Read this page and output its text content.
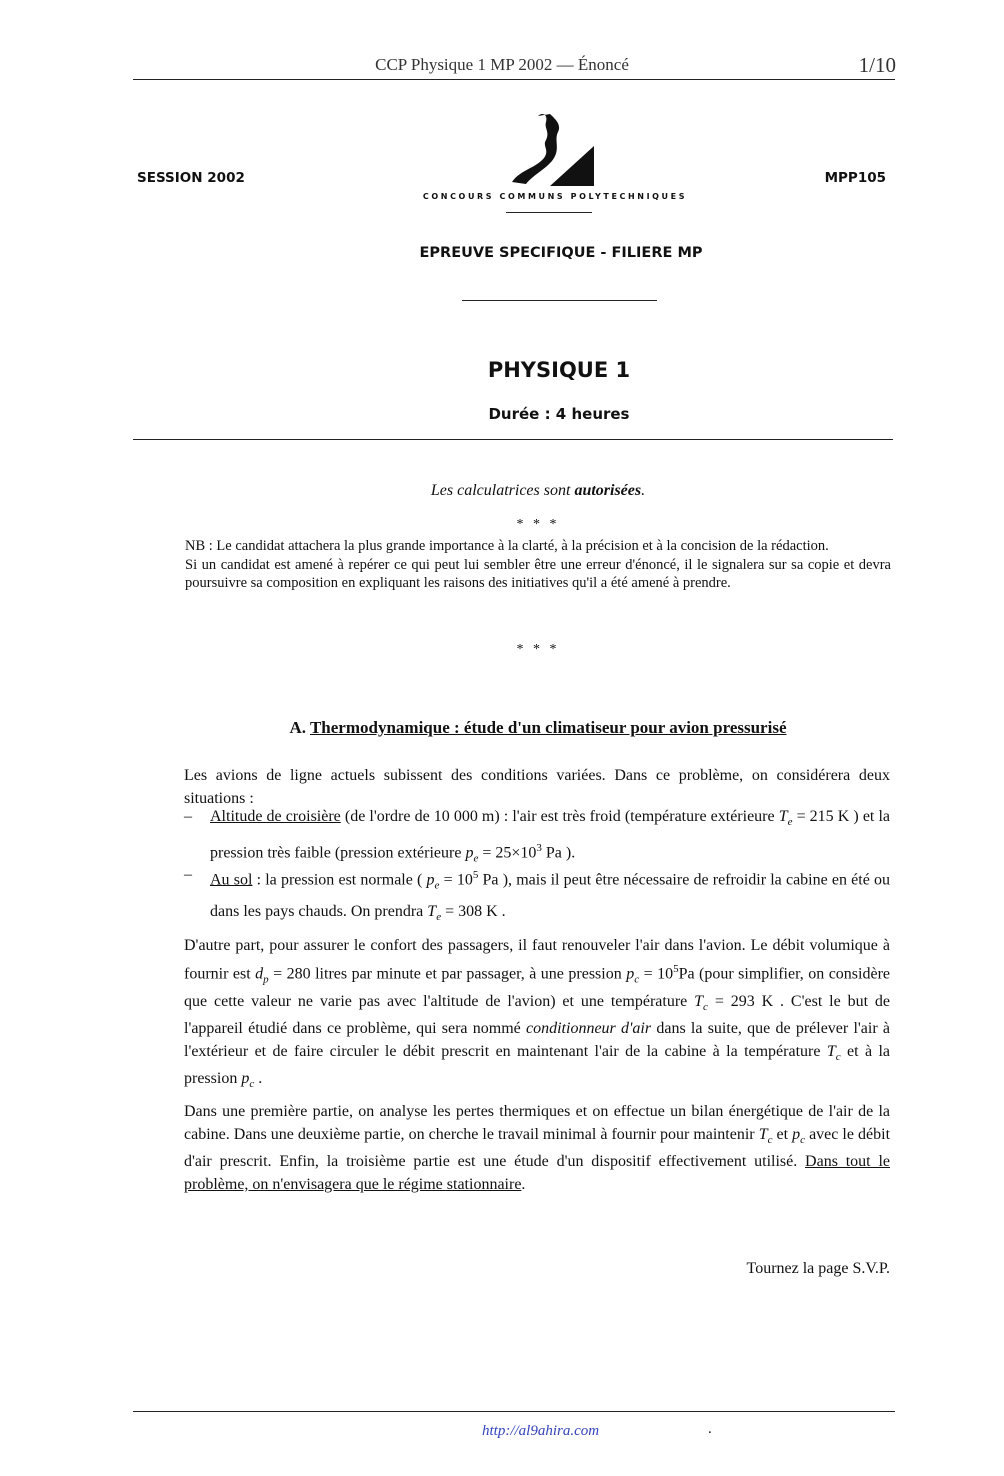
CCP Physique 1 MP 2002 — Énoncé	1/10
SESSION 2002	MPP105
CONCOURS COMMUNS POLYTECHNIQUES
EPREUVE SPECIFIQUE - FILIERE MP
PHYSIQUE 1
Durée : 4 heures
Les calculatrices sont autorisées.
* * *

NB : Le candidat attachera la plus grande importance à la clarté, à la précision et à la concision de la rédaction.

Si un candidat est amené à repérer ce qui peut lui sembler être une erreur d'énoncé, il le signalera sur sa copie et devra poursuivre sa composition en expliquant les raisons des initiatives qu'il a été amené à prendre.

* * *
A. Thermodynamique : étude d'un climatiseur pour avion pressurisé

Les avions de ligne actuels subissent des conditions variées. Dans ce problème, on considérera deux situations :

– Altitude de croisière (de l'ordre de 10 000 m) : l'air est très froid (température extérieure $T_e = 215$ K ) et la pression très faible (pression extérieure $p_e = 25\times 10^3$ Pa ).
– Au sol : la pression est normale ( $p_e = 10^5$ Pa ), mais il peut être nécessaire de refroidir la cabine en été ou dans les pays chauds. On prendra $T_e = 308$ K .

D'autre part, pour assurer le confort des passagers, il faut renouveler l'air dans l'avion. Le débit volumique à fournir est $d_p = 280$ litres par minute et par passager, à une pression $p_c = 10^5Pa$ (pour simplifier, on considère que cette valeur ne varie pas avec l'altitude de l'avion) et une température $T_c = 293$ K . C'est le but de l'appareil étudié dans ce problème, qui sera nommé conditionneur d'air dans la suite, que de prélever l'air à l'extérieur et de faire circuler le débit prescrit en maintenant l'air de la cabine à la température $T_c$ et à la pression $p_c$ .

Dans une première partie, on analyse les pertes thermiques et on effectue un bilan énergétique de l'air de la cabine. Dans une deuxième partie, on cherche le travail minimal à fournir pour maintenir $T_c$ et $p_c$ avec le débit d'air prescrit. Enfin, la troisième partie est une étude d'un dispositif effectivement utilisé. Dans tout le problème, on n'envisagera que le régime stationnaire.

Tournez la page S.V.P.
http://al9ahira.com	.
